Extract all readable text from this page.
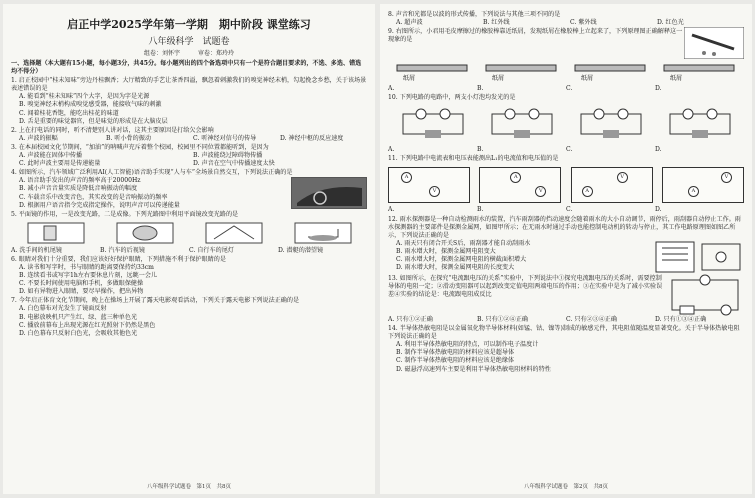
启正中学2025学年第一学期　期中阶段 课堂练习
八年级科学　试题卷
组卷：刘怀宇　　　审卷：郑玲玲
一、选择题（本大题有15小题，每小题3分，共45分。每小题列出的四个备选项中只有一个是符合题目要求的，不选、多选、错选均不得分）
1. 启正校园中“桂未知味”旁边丹桂飘香；大厅精致的手艺让茶香四溢，飘忽着刺激我们的嗅觉神经末梢，勾起挽念乡愁，关于该场景表述错误的是
A. 能看到“桂未知味”四个大字，是因为字是光源
B. 嗅觉神经末梢构成嗅觉感受器，能接收气味的刺激
C. 闻着桂花香饱，能吃出桂花的味道
D. 舌是重要的味觉器官，但是味觉的形成是在大脑皮层
2. 上在打电话的同时，听不清楚别人讲对话，这其主要原因是打给欠会影响
A. 声波的振幅	B. 听小骨的振动	C. 听神经对信号的传导	D. 神经中枢的反应速度
3. 在本届校园文化节期间，“加油”的呐喊声充斥着整个校园，校园里不同位置都能听到，是因为
A. 声波能在固体中传播	B. 声波能绕过障碍物传播
C. 此时声波主要用是传递能量	D. 声音在空气中传播速度太快
4. 如图所示，汽车领域广泛利用AI(人工智能)语音助手实现“人与车”全场景自然交互，下列说法正确的是
A. 语音助手发出的声音的频率高于20000Hz
B. 减小声音音量实质是降低音响振动的幅度
C. 车载音乐中改变音色，其实改变的是音响振动的频率
D. 根据用户语音指令完成指定操作，说明声音可以传递能量
5. 平面镜的作用，一是改变光路，二是成像。下列光路图中利用平面镜改变光路的是
A. 洗手间的机尾镜	B. 汽车的后视镜	C. 自行车的尾灯	D. 潜艇的潜望镜
6. 眼睛对我们十分重要，我们应该好好保护眼睛，下列措施不利于保护眼睛的是
A. 读书和写字时，书与眼睛的距离要保持约33cm
B. 连续看书或写字1h左右要休息片刻，远眺一会儿
C. 不要长时间使用电脑和手机，多做眼保健操
D. 如有异物进入眼睛，要尽早操作，把出异物
7. 今年启正体育文化节期间，晚上在操场上开展了露天电影观看活动，下列关于露天电影下列说法正确的是
A. 白色幕布对光发生了镜面反射
B. 电影放映机只产生红、绿、蓝三种单色光
C. 播放前幕布上出现光源在红光照射下仍然是黑色
D. 白色幕布只反射白色光，会吸收其他色光
八年级科学试题卷　第1页　共8页
8. 声音和光都是以波的形式传播，下列说法与其他三项不同的是
A. 超声波	B. 红外线	C. 紫外线	D. 红色光
9. 右图所示，小君用毛皮摩擦过的橡胶棒靠近纸屑，发现纸屑在橡胶棒上立起来了，下列原理图正确解释这一现象的是
纸屑	纸屑	纸屑	纸屑
A.	B.	C.	D.
10. 下列电路的电路中，两支小灯泡均发光的是
A.	B.	C.	D.
11. 下列电路中电流表和电压表能测出L₁的电流值和电压值的是
A
V
A
V	A
V
A
V
A.	B.	C.	D.
12. 雨水探测器是一种自动检测雨水的装置，汽车雨刮器的挡动速度会随着雨水的大小自动调节，雨停后，雨刮器自动停止工作。雨水探测器的主要部件是探测金属网，如图甲所示；在无雨水时通过手动也能控制电动机的转动与停止，其工作电路原理图如图乙所示，下列说法正确的是
A. 雨天只有闭合开关S后，雨刮器才能自动刮雨水
B. 雨水增大时，探测金属网电阻变大
C. 雨水增大时，探测金属网电阻的横截面积增大
D. 雨水增大时，探测金属网电阻的长度变大
13. 如图所示，在探究“电流跟电压的关系”实验中，下列说法中①探究电流跟电压的关系时，需要控制导体的电阻一定；②滑动变阻器可以起到改变定值电阻两端电压的作用；③在实验中是为了减小实验误差④实验的结论是：电流跟电阻成反比
A. 只有①②正确	B. 只有①②④正确	C. 只有②③④正确	D. 只有①③④正确
14. 半导体热敏电阻是以金属氧化物半导体材料(如锰、钴、镍等)制成的敏感元件，其电阻值随温度显著变化。关于半导体热敏电阻下列说法正确的是
A. 利用半导体热敏电阻的特点，可以制作电子温度计
B. 制作半导体热敏电阻的材料应该是超导体
C. 制作半导体热敏电阻的材料应该是绝缘体
D. 磁悬浮高速列车主要是利用半导体热敏电阻材料的特性
八年级科学试题卷　第2页　共8页
